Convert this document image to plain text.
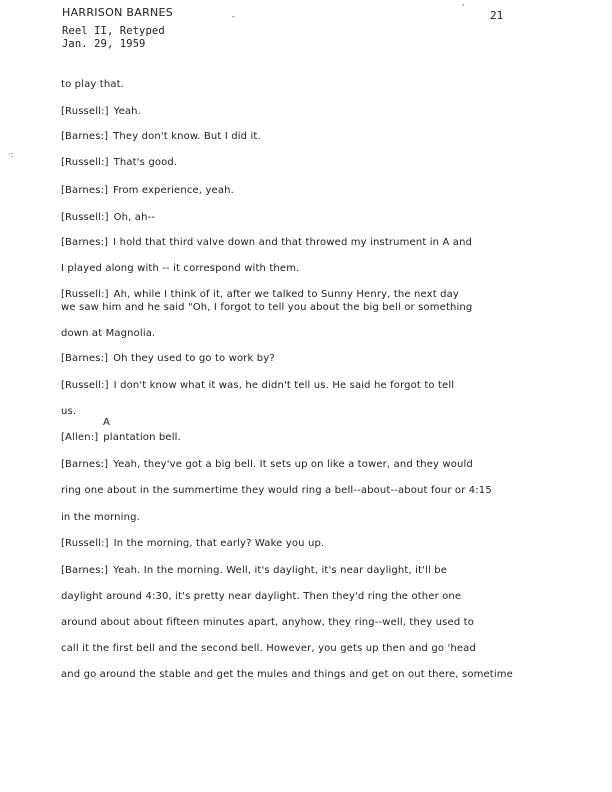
HARRISON BARNES
Reel II, Retyped
Jan. 29, 1959
21
-
'
·:
A
to play that.
[Russell:] Yeah.
[Barnes:] They don't know. But I did it.
[Russell:] That's good.
[Barnes:] From experience, yeah.
[Russell:] Oh, ah--
[Barnes:] I hold that third valve down and that throwed my instrument in A and
I played along with -- it correspond with them.
[Russell:] Ah, while I think of it, after we talked to Sunny Henry, the next day
we saw him and he said "Oh, I forgot to tell you about the big bell or something
down at Magnolia.
[Barnes:] Oh they used to go to work by?
[Russell:] I don't know what it was, he didn't tell us. He said he forgot to tell
us.
[Allen:] plantation bell.
[Barnes:] Yeah, they've got a big bell. It sets up on like a tower, and they would
ring one about in the summertime they would ring a bell--about--about four or 4:15
in the morning.
[Russell:] In the morning, that early? Wake you up.
[Barnes:] Yeah. In the morning. Well, it's daylight, it's near daylight, it'll be
daylight around 4:30, it's pretty near daylight. Then they'd ring the other one
around about about fifteen minutes apart, anyhow, they ring--well, they used to
call it the first bell and the second bell. However, you gets up then and go 'head
and go around the stable and get the mules and things and get on out there, sometime
